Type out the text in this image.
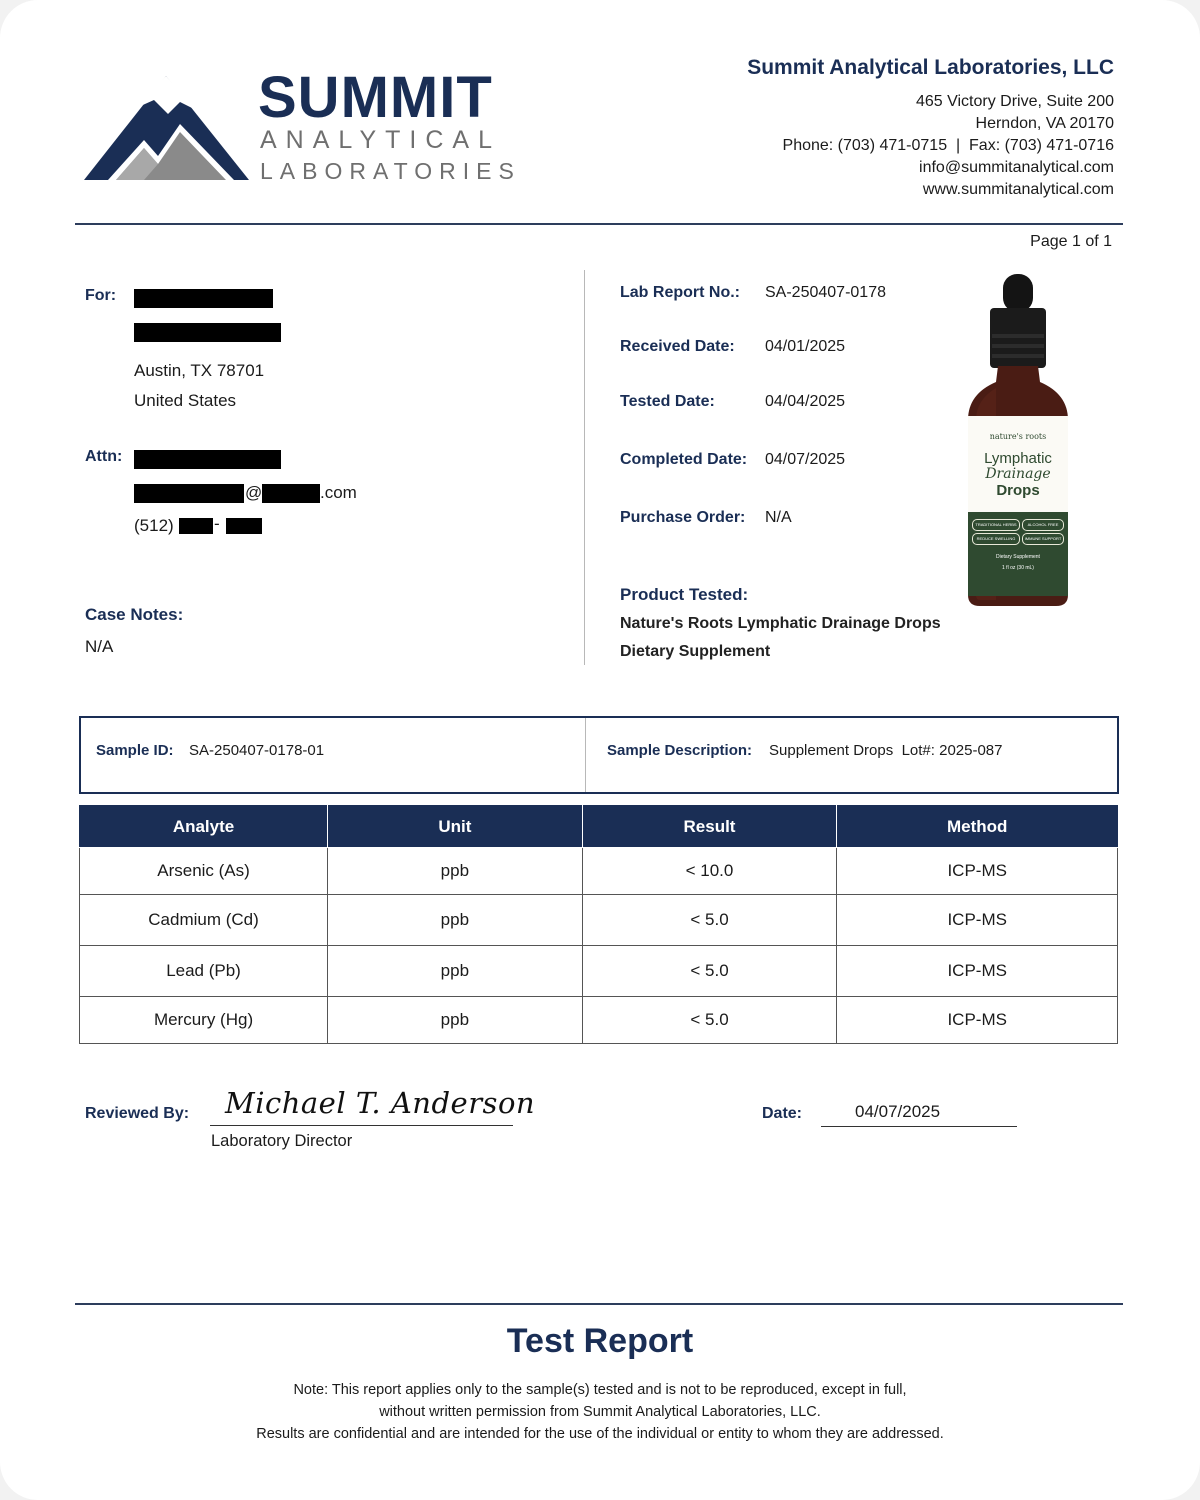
SUMMIT
ANALYTICAL
LABORATORIES
Summit Analytical Laboratories, LLC
465 Victory Drive, Suite 200
Herndon, VA 20170
Phone: (703) 471-0715  |  Fax: (703) 471-0716
info@summitanalytical.com
www.summitanalytical.com
Page 1 of 1
For:
Austin, TX 78701
United States
Attn:
@	.com
(512) -
Case Notes:
N/A
Lab Report No.: SA-250407-0178
Received Date: 04/01/2025
Tested Date:	04/04/2025
Completed Date: 04/07/2025
Purchase Order: N/A
Product Tested:
Nature's Roots Lymphatic Drainage Drops
Dietary Supplement
nature's roots
Lymphatic
Drainage
Drops
TRADITIONAL HERBS	ALCOHOL FREE
REDUCE SWELLING	IMMUNE SUPPORT
Dietary Supplement
1 fl oz (30 mL)
Sample ID: SA-250407-0178-01	Sample Description: Supplement Drops  Lot#: 2025-087
Analyte	Unit	Result	Method
Arsenic (As)	ppb	< 10.0	ICP-MS
Cadmium (Cd)	ppb	< 5.0	ICP-MS
Lead (Pb)	ppb	< 5.0	ICP-MS
Mercury (Hg)	ppb	< 5.0	ICP-MS
Reviewed By: Michael T. Anderson
Laboratory Director
Date:	04/07/2025
Test Report
Note: This report applies only to the sample(s) tested and is not to be reproduced, except in full,
without written permission from Summit Analytical Laboratories, LLC.
Results are confidential and are intended for the use of the individual or entity to whom they are addressed.
